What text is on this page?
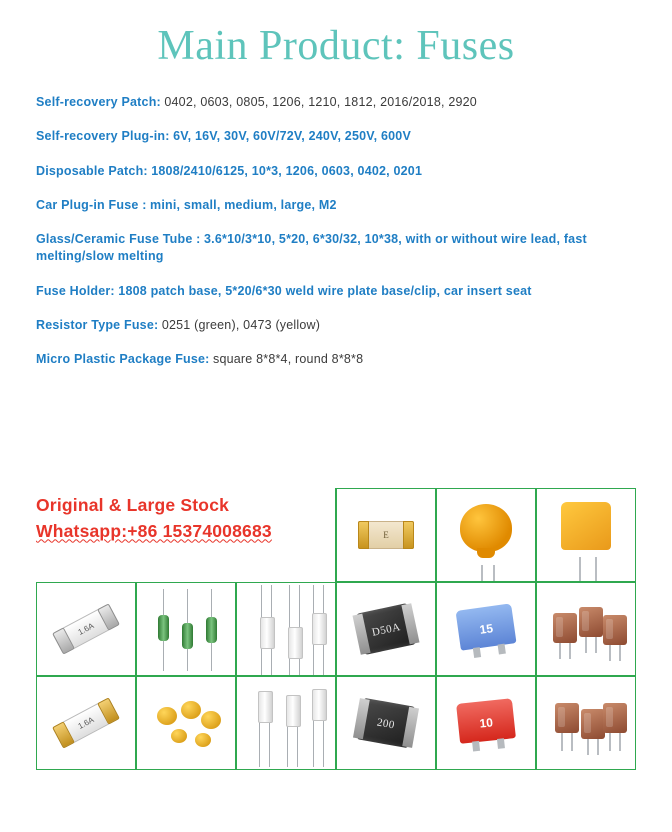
Main Product: Fuses
Self-recovery Patch: 0402, 0603, 0805, 1206, 1210, 1812, 2016/2018, 2920
Self-recovery Plug-in: 6V, 16V, 30V, 60V/72V, 240V, 250V, 600V
Disposable Patch: 1808/2410/6125, 10*3, 1206, 0603, 0402, 0201
Car Plug-in Fuse : mini, small, medium, large, M2
Glass/Ceramic Fuse Tube : 3.6*10/3*10, 5*20, 6*30/32, 10*38, with or without wire lead, fast melting/slow melting
Fuse Holder: 1808 patch base, 5*20/6*30 weld wire plate base/clip, car insert seat
Resistor Type Fuse: 0251 (green), 0473 (yellow)
Micro Plastic Package Fuse: square 8*8*4, round 8*8*8
E
1.6A	D50A	15
1.6A	200	10
Original & Large Stock
Whatsapp:+86 15374008683
